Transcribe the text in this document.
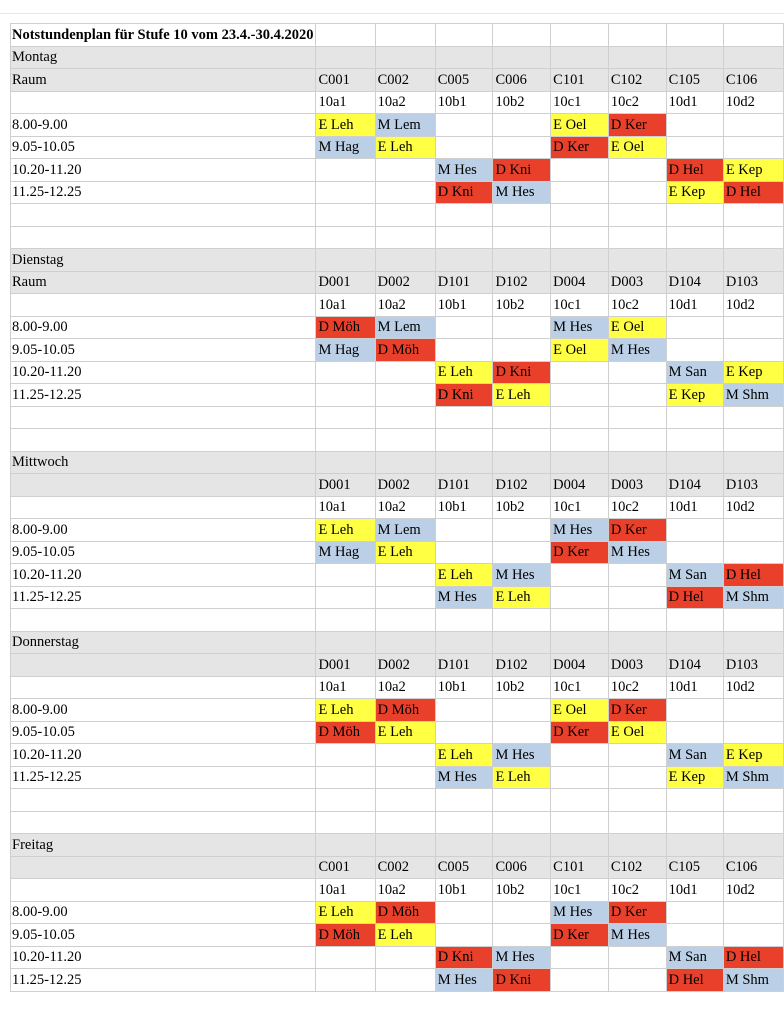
Notstundenplan für Stufe 10 vom 23.4.-30.4.2020								
Montag								
Raum	C001	C002	C005	C006	C101	C102	C105	C106
	10a1	10a2	10b1	10b2	10c1	10c2	10d1	10d2
8.00-9.00	E Leh	M Lem			E Oel	D Ker		
9.05-10.05	M Hag	E Leh			D Ker	E Oel		
10.20-11.20			M Hes	D Kni			D Hel	E Kep
11.25-12.25			D Kni	M Hes			E Kep	D Hel

Dienstag								
Raum	D001	D002	D101	D102	D004	D003	D104	D103
	10a1	10a2	10b1	10b2	10c1	10c2	10d1	10d2
8.00-9.00	D Möh	M Lem			M Hes	E Oel		
9.05-10.05	M Hag	D Möh			E Oel	M Hes		
10.20-11.20			E Leh	D Kni			M San	E Kep
11.25-12.25			D Kni	E Leh			E Kep	M Shm

Mittwoch								
	D001	D002	D101	D102	D004	D003	D104	D103
	10a1	10a2	10b1	10b2	10c1	10c2	10d1	10d2
8.00-9.00	E Leh	M Lem			M Hes	D Ker		
9.05-10.05	M Hag	E Leh			D Ker	M Hes		
10.20-11.20			E Leh	M Hes			M San	D Hel
11.25-12.25			M Hes	E Leh			D Hel	M Shm

Donnerstag								
	D001	D002	D101	D102	D004	D003	D104	D103
	10a1	10a2	10b1	10b2	10c1	10c2	10d1	10d2
8.00-9.00	E Leh	D Möh			E Oel	D Ker		
9.05-10.05	D Möh	E Leh			D Ker	E Oel		
10.20-11.20			E Leh	M Hes			M San	E Kep
11.25-12.25			M Hes	E Leh			E Kep	M Shm

Freitag								
	C001	C002	C005	C006	C101	C102	C105	C106
	10a1	10a2	10b1	10b2	10c1	10c2	10d1	10d2
8.00-9.00	E Leh	D Möh			M Hes	D Ker		
9.05-10.05	D Möh	E Leh			D Ker	M Hes		
10.20-11.20			D Kni	M Hes			M San	D Hel
11.25-12.25			M Hes	D Kni			D Hel	M Shm
